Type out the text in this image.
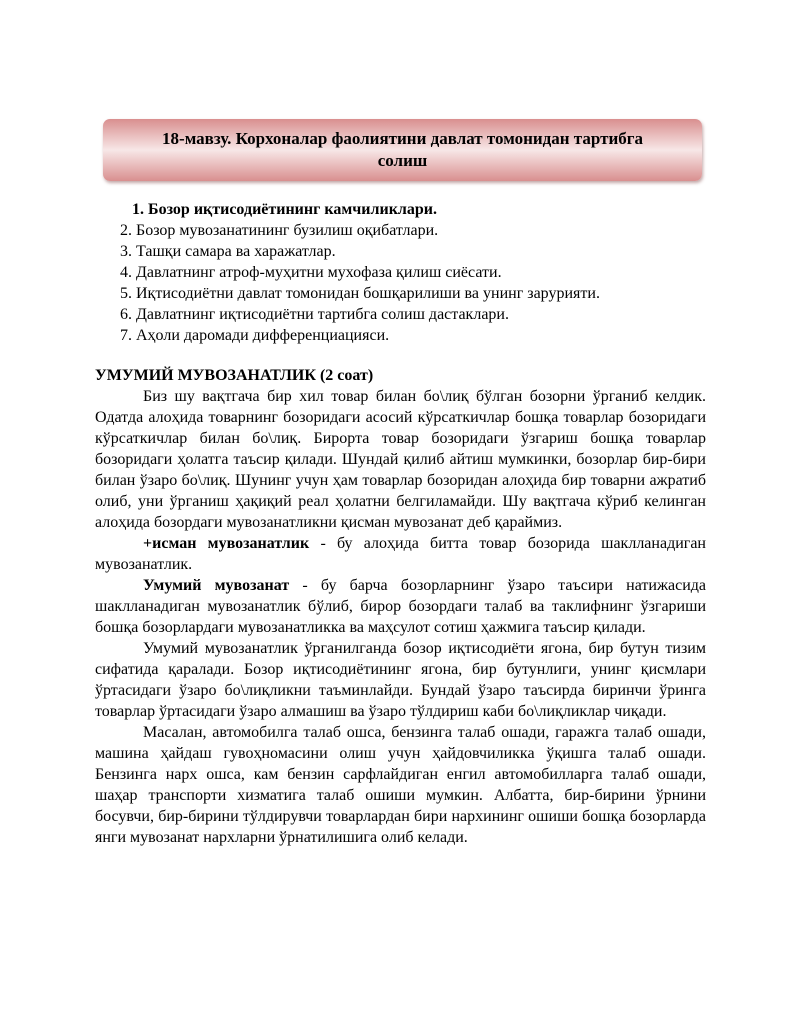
18-мавзу. Корхоналар фаолиятини давлат томонидан тартибга
солиш
1. Бозор иқтисодиётининг камчиликлари.
2. Бозор мувозанатининг бузилиш оқибатлари.
3. Ташқи самара ва харажатлар.
4. Давлатнинг атроф-муҳитни мухофаза қилиш сиёсати.
5. Иқтисодиётни давлат томонидан бошқарилиши ва унинг зарурияти.
6. Давлатнинг иқтисодиётни тартибга солиш дастаклари.
7. Аҳоли даромади дифференциацияси.
УМУМИЙ МУВОЗАНАТЛИК (2 соат)

Биз шу вақтгача бир хил товар билан бо\лиқ бўлган бозорни ўрганиб келдик. Одатда алоҳида товарнинг бозоридаги асосий кўрсаткичлар бошқа товарлар бозоридаги кўрсаткичлар билан бо\лиқ. Бирорта товар бозоридаги ўзгариш бошқа товарлар бозоридаги ҳолатга таъсир қилади. Шундай қилиб айтиш мумкинки, бозорлар бир-бири билан ўзаро бо\лиқ. Шунинг учун ҳам товарлар бозоридан алоҳида бир товарни ажратиб олиб, уни ўрганиш ҳақиқий реал ҳолатни белгиламайди. Шу вақтгача кўриб келинган алоҳида бозордаги мувозанатликни қисман мувозанат деб қараймиз.

+исман мувозанатлик - бу алоҳида битта товар бозорида шаклланадиган мувозанатлик.

Умумий мувозанат - бу барча бозорларнинг ўзаро таъсири натижасида шаклланадиган мувозанатлик бўлиб, бирор бозордаги талаб ва таклифнинг ўзгариши бошқа бозорлардаги мувозанатликка ва маҳсулот сотиш ҳажмига таъсир қилади.

Умумий мувозанатлик ўрганилганда бозор иқтисодиёти ягона, бир бутун тизим сифатида қаралади. Бозор иқтисодиётининг ягона, бир бутунлиги, унинг қисмлари ўртасидаги ўзаро бо\лиқликни таъминлайди. Бундай ўзаро таъсирда биринчи ўринга товарлар ўртасидаги ўзаро алмашиш ва ўзаро тўлдириш каби бо\лиқликлар чиқади.

Масалан, автомобилга талаб ошса, бензинга талаб ошади, гаражга талаб ошади, машина ҳайдаш гувоҳномасини олиш учун ҳайдовчиликка ўқишга талаб ошади. Бензинга нарх ошса, кам бензин сарфлайдиган енгил автомобилларга талаб ошади, шаҳар транспорти хизматига талаб ошиши мумкин. Албатта, бир-бирини ўрнини босувчи, бир-бирини тўлдирувчи товарлардан бири нархининг ошиши бошқа бозорларда янги мувозанат нархларни ўрнатилишига олиб келади.
